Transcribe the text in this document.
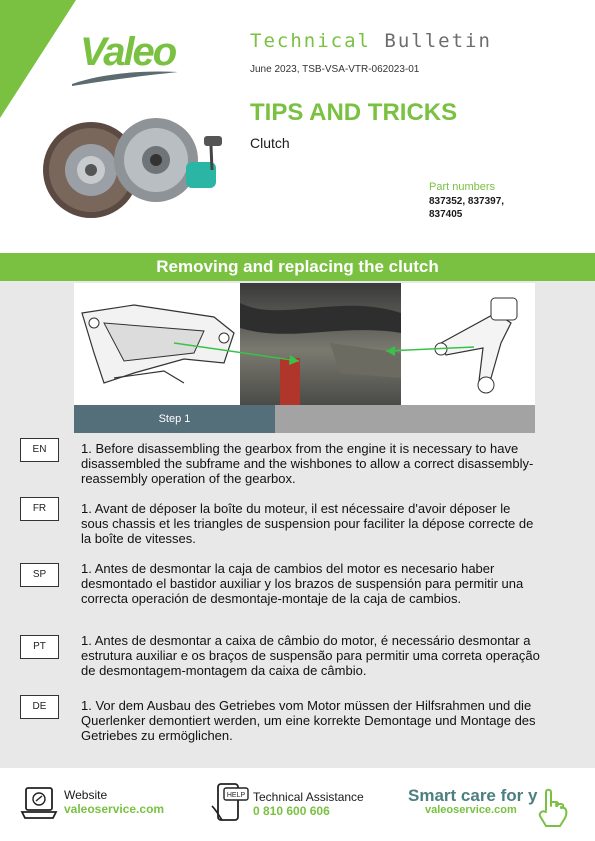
Valeo	Technical Bulletin
June 2023, TSB-VSA-VTR-062023-01
TIPS AND TRICKS
Clutch
Part numbers
837352, 837397, 837405
Removing and replacing the clutch
Step 1
EN	1. Before disassembling the gearbox from the engine it is necessary to have disassembled the subframe and the wishbones to allow a correct disassembly-reassembly operation of the gearbox.
FR	1. Avant de déposer la boîte du moteur, il est nécessaire d'avoir déposer le sous chassis et les triangles de suspension pour faciliter la dépose correcte de la boîte de vitesses.
SP	1. Antes de desmontar la caja de cambios del motor es necesario haber desmontado el bastidor auxiliar y los brazos de suspensión para permitir una correcta operación de desmontaje-montaje de la caja de cambios.
PT	1. Antes de desmontar a caixa de câmbio do motor, é necessário desmontar a estrutura auxiliar e os braços de suspensão para permitir uma correta operação de desmontagem-montagem da caixa de câmbio.
DE	1. Vor dem Ausbau des Getriebes vom Motor müssen der Hilfsrahmen und die Querlenker demontiert werden, um eine korrekte Demontage und Montage des Getriebes zu ermöglichen.
Website
valeoservice.com
HELP Technical Assistance
0 810 600 606
Smart care for y
valeoservice.com
